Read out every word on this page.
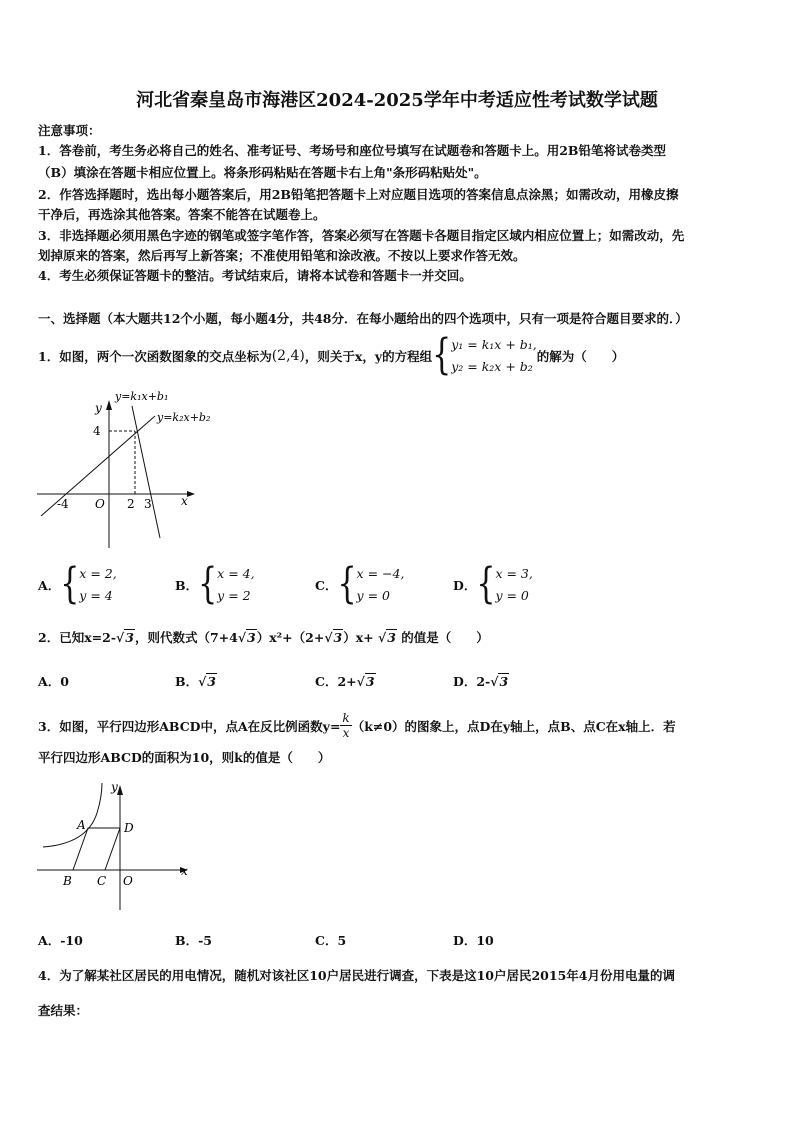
河北省秦皇岛市海港区2024-2025学年中考适应性考试数学试题
注意事项：
1．答卷前，考生务必将自己的姓名、准考证号、考场号和座位号填写在试题卷和答题卡上。用2B铅笔将试卷类型
（B）填涂在答题卡相应位置上。将条形码粘贴在答题卡右上角"条形码粘贴处"。
2．作答选择题时，选出每小题答案后，用2B铅笔把答题卡上对应题目选项的答案信息点涂黑；如需改动，用橡皮擦
干净后，再选涂其他答案。答案不能答在试题卷上。
3．非选择题必须用黑色字迹的钢笔或签字笔作答，答案必须写在答题卡各题目指定区域内相应位置上；如需改动，先
划掉原来的答案，然后再写上新答案；不准使用铅笔和涂改液。不按以上要求作答无效。
4．考生必须保证答题卡的整洁。考试结束后，请将本试卷和答题卡一并交回。
一、选择题（本大题共12个小题，每小题4分，共48分．在每小题给出的四个选项中，只有一项是符合题目要求的．）
1．如图，两个一次函数图象的交点坐标为 (2,4) ，则关于x，y的方程组 { y₁ = k₁x + b₁,
y₂ = k₂x + b₂
的解为（　　）
y=k₁x+b₁
y=k₂x+b₂
y
x
4
-4 O 2 3
A． { x = 2,
y = 4
B． { x = 4,
y = 2
C． { x = −4,
y = 0
D． { x = 3,
y = 0
2．已知x=2-√3，则代数式（7+4√3）x²+（2+√3）x+ √3 的值是（　　）
A．0	B．√3	C．2+√3	D．2-√3
3．如图，平行四边形ABCD中，点A在反比例函数$y= \frac{k}{x} (k\ne 0)$的图象上，点D在y轴上，点B、点C在x轴上．若
平行四边形ABCD的面积为10，则k的值是（　　）
y
x
A	D
B C O
A．-10	B．-5	C．5	D．10
4．为了解某社区居民的用电情况，随机对该社区10户居民进行调查，下表是这10户居民2015年4月份用电量的调
查结果：
